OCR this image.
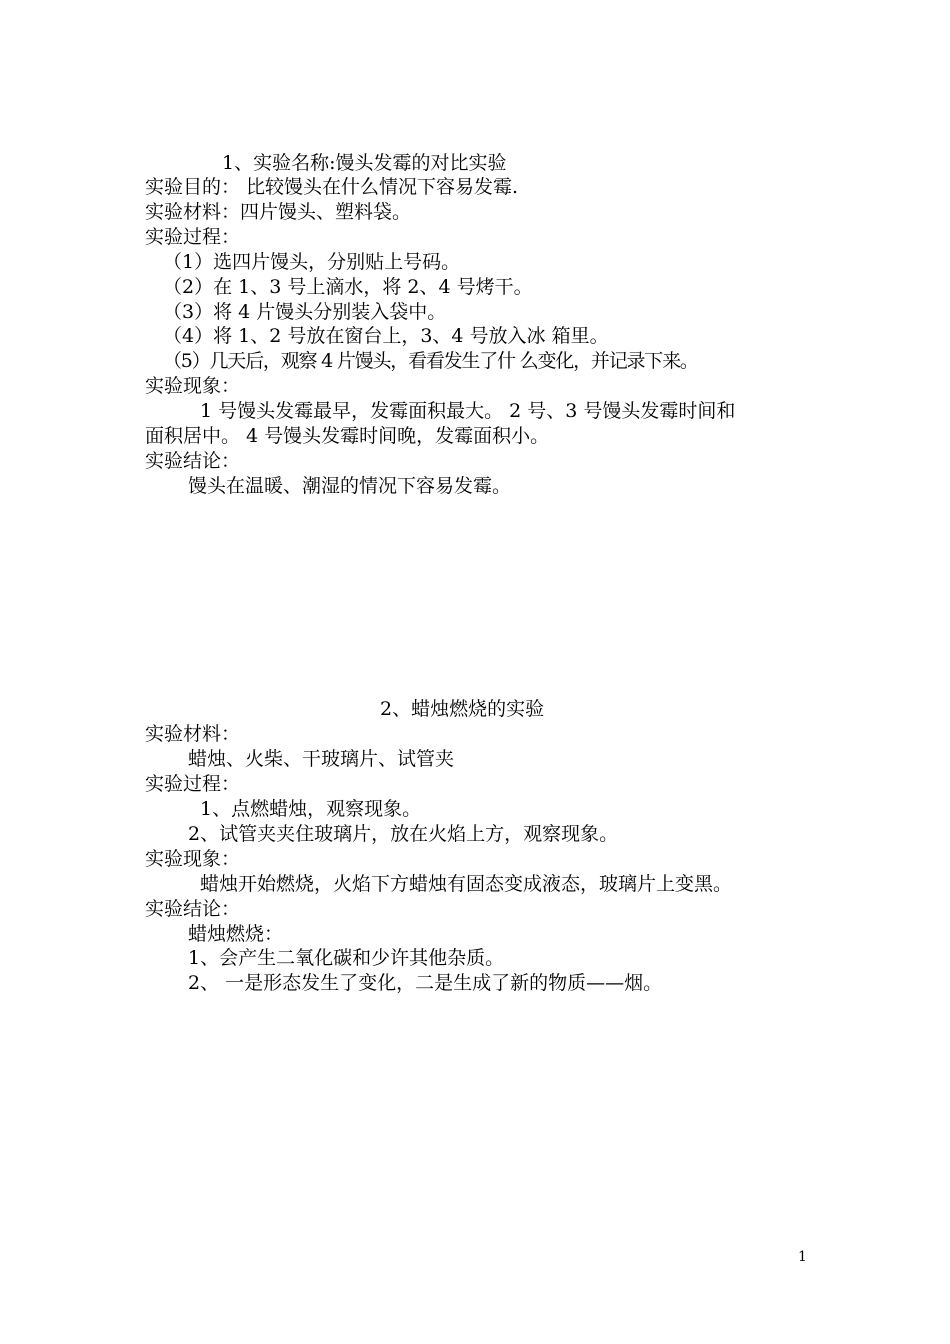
1、实验名称:馒头发霉的对比实验
实验目的： 比较馒头在什么情况下容易发霉.
实验材料：四片馒头、塑料袋。
实验过程：
（1）选四片馒头，分别贴上号码。
（2）在 1、3 号上滴水，将 2、4 号烤干。
（3）将 4 片馒头分别装入袋中。
（4）将 1、2 号放在窗台上，3、4 号放入冰 箱里。
（5）几天后，观察 4 片馒头，看看发生了什 么变化，并记录下来。
实验现象：
1 号馒头发霉最早，发霉面积最大。 2 号、3 号馒头发霉时间和
面积居中。 4 号馒头发霉时间晚，发霉面积小。
实验结论：
馒头在温暖、潮湿的情况下容易发霉。
2、蜡烛燃烧的实验
实验材料：
蜡烛、火柴、干玻璃片、试管夹
实验过程：
1、点燃蜡烛，观察现象。
2、试管夹夹住玻璃片，放在火焰上方，观察现象。
实验现象：
蜡烛开始燃烧，火焰下方蜡烛有固态变成液态，玻璃片上变黑。
实验结论：
蜡烛燃烧：
1、会产生二氧化碳和少许其他杂质。
2、 一是形态发生了变化，二是生成了新的物质——烟。
1
